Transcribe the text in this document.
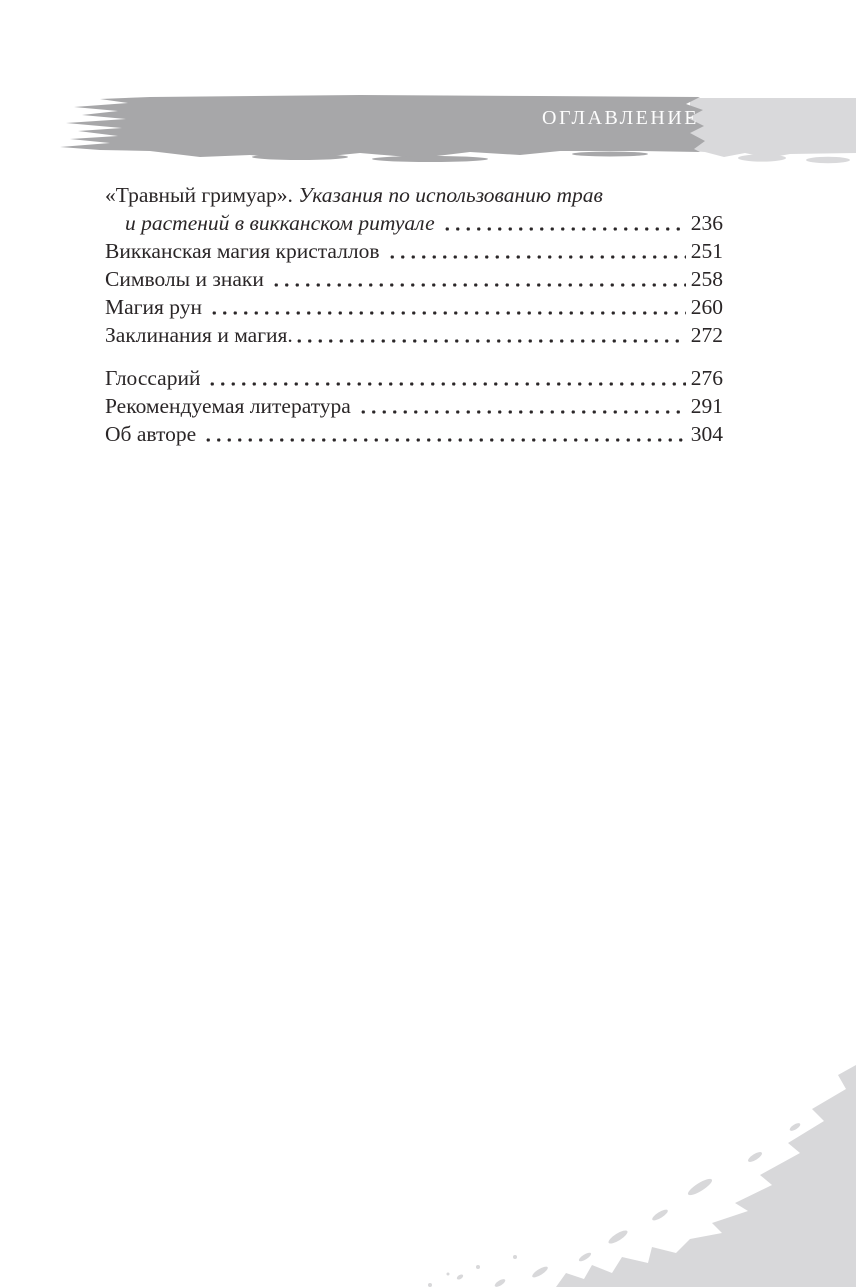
ОГЛАВЛЕНИЕ
«Травный гримуар». Указания по использованию трав
и растений в викканском ритуале	236
Викканская магия кристаллов	251
Символы и знаки	258
Магия рун	260
Заклинания и магия.	272
Глоссарий	276
Рекомендуемая литература	291
Об авторе	304
